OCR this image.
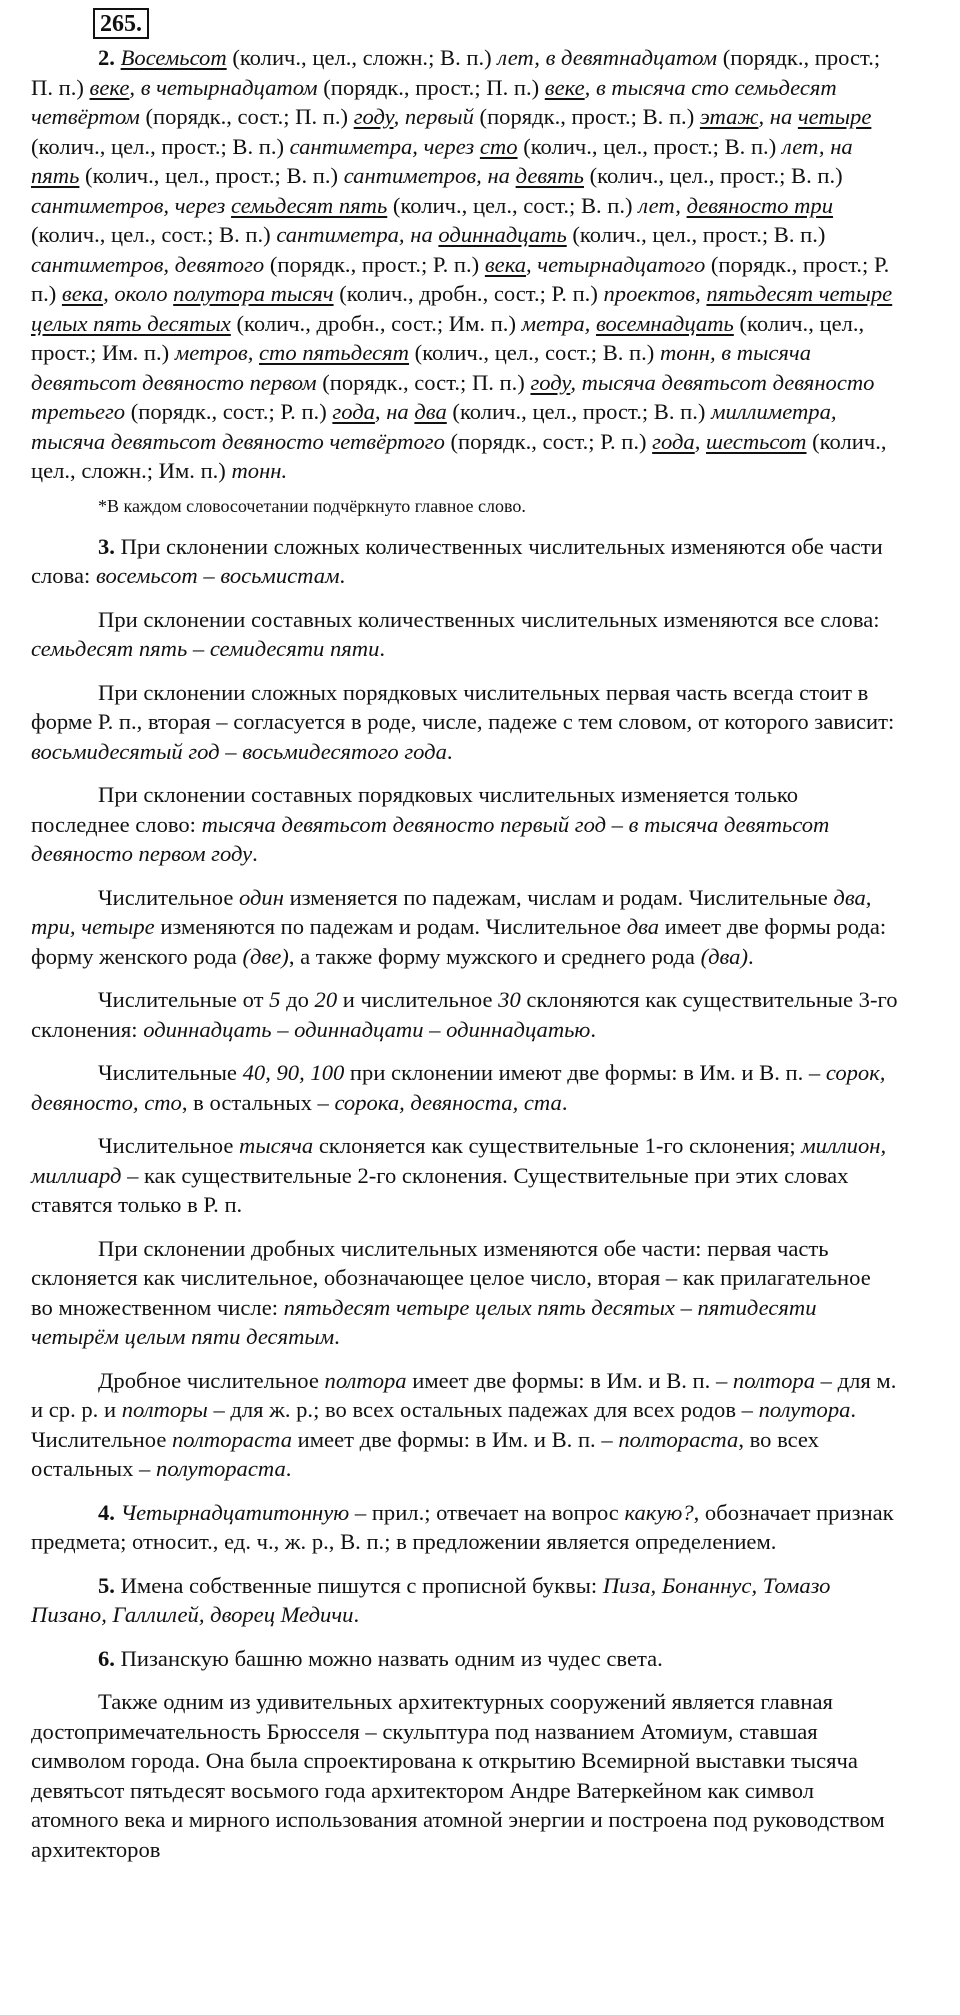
265.

2. Восемьсот (колич., цел., сложн.; В. п.) лет, в девятнадцатом (порядк., прост.; П. п.) веке, в четырнадцатом (порядк., прост.; П. п.) веке, в тысяча сто семьдесят четвёртом (порядк., сост.; П. п.) году, первый (порядк., прост.; В. п.) этаж, на четыре (колич., цел., прост.; В. п.) сантиметра, через сто (колич., цел., прост.; В. п.) лет, на пять (колич., цел., прост.; В. п.) сантиметров, на девять (колич., цел., прост.; В. п.) сантиметров, через семьдесят пять (колич., цел., сост.; В. п.) лет, девяносто три (колич., цел., сост.; В. п.) сантиметра, на одиннадцать (колич., цел., прост.; В. п.) сантиметров, девятого (порядк., прост.; Р. п.) века, четырнадцатого (порядк., прост.; Р. п.) века, около полутора тысяч (колич., дробн., сост.; Р. п.) проектов, пятьдесят четыре целых пять десятых (колич., дробн., сост.; Им. п.) метра, восемнадцать (колич., цел., прост.; Им. п.) метров, сто пятьдесят (колич., цел., сост.; В. п.) тонн, в тысяча девятьсот девяносто первом (порядк., сост.; П. п.) году, тысяча девятьсот девяносто третьего (порядк., сост.; Р. п.) года, на два (колич., цел., прост.; В. п.) миллиметра, тысяча девятьсот девяносто четвёртого (порядк., сост.; Р. п.) года, шестьсот (колич., цел., сложн.; Им. п.) тонн.

*В каждом словосочетании подчёркнуто главное слово.

3. При склонении сложных количественных числительных изменяются обе части слова: восемьсот – восьмистам.

При склонении составных количественных числительных изменяются все слова: семьдесят пять – семидесяти пяти.

При склонении сложных порядковых числительных первая часть всегда стоит в форме Р. п., вторая – согласуется в роде, числе, падеже с тем словом, от которого зависит: восьмидесятый год – восьмидесятого года.

При склонении составных порядковых числительных изменяется только последнее слово: тысяча девятьсот девяносто первый год – в тысяча девятьсот девяносто первом году.

Числительное один изменяется по падежам, числам и родам. Числительные два, три, четыре изменяются по падежам и родам. Числительное два имеет две формы рода: форму женского рода (две), а также форму мужского и среднего рода (два).

Числительные от 5 до 20 и числительное 30 склоняются как существительные 3-го склонения: одиннадцать – одиннадцати – одиннадцатью.

Числительные 40, 90, 100 при склонении имеют две формы: в Им. и В. п. – сорок, девяносто, сто, в остальных – сорока, девяноста, ста.

Числительное тысяча склоняется как существительные 1-го склонения; миллион, миллиард – как существительные 2-го склонения. Существительные при этих словах ставятся только в Р. п.

При склонении дробных числительных изменяются обе части: первая часть склоняется как числительное, обозначающее целое число, вторая – как прилагательное во множественном числе: пятьдесят четыре целых пять десятых – пятидесяти четырём целым пяти десятым.

Дробное числительное полтора имеет две формы: в Им. и В. п. – полтора – для м. и ср. р. и полторы – для ж. р.; во всех остальных падежах для всех родов – полутора. Числительное полтораста имеет две формы: в Им. и В. п. – полтораста, во всех остальных – полутораста.

4. Четырнадцатитонную – прил.; отвечает на вопрос какую?, обозначает признак предмета; относит., ед. ч., ж. р., В. п.; в предложении является определением.

5. Имена собственные пишутся с прописной буквы: Пиза, Бонаннус, Томазо Пизано, Галлилей, дворец Медичи.

6. Пизанскую башню можно назвать одним из чудес света.

Также одним из удивительных архитектурных сооружений является главная достопримечательность Брюсселя – скульптура под названием Атомиум, ставшая символом города. Она была спроектирована к открытию Всемирной выставки тысяча девятьсот пятьдесят восьмого года архитектором Андре Ватеркейном как символ атомного века и мирного использования атомной энергии и построена под руководством архитекторов
